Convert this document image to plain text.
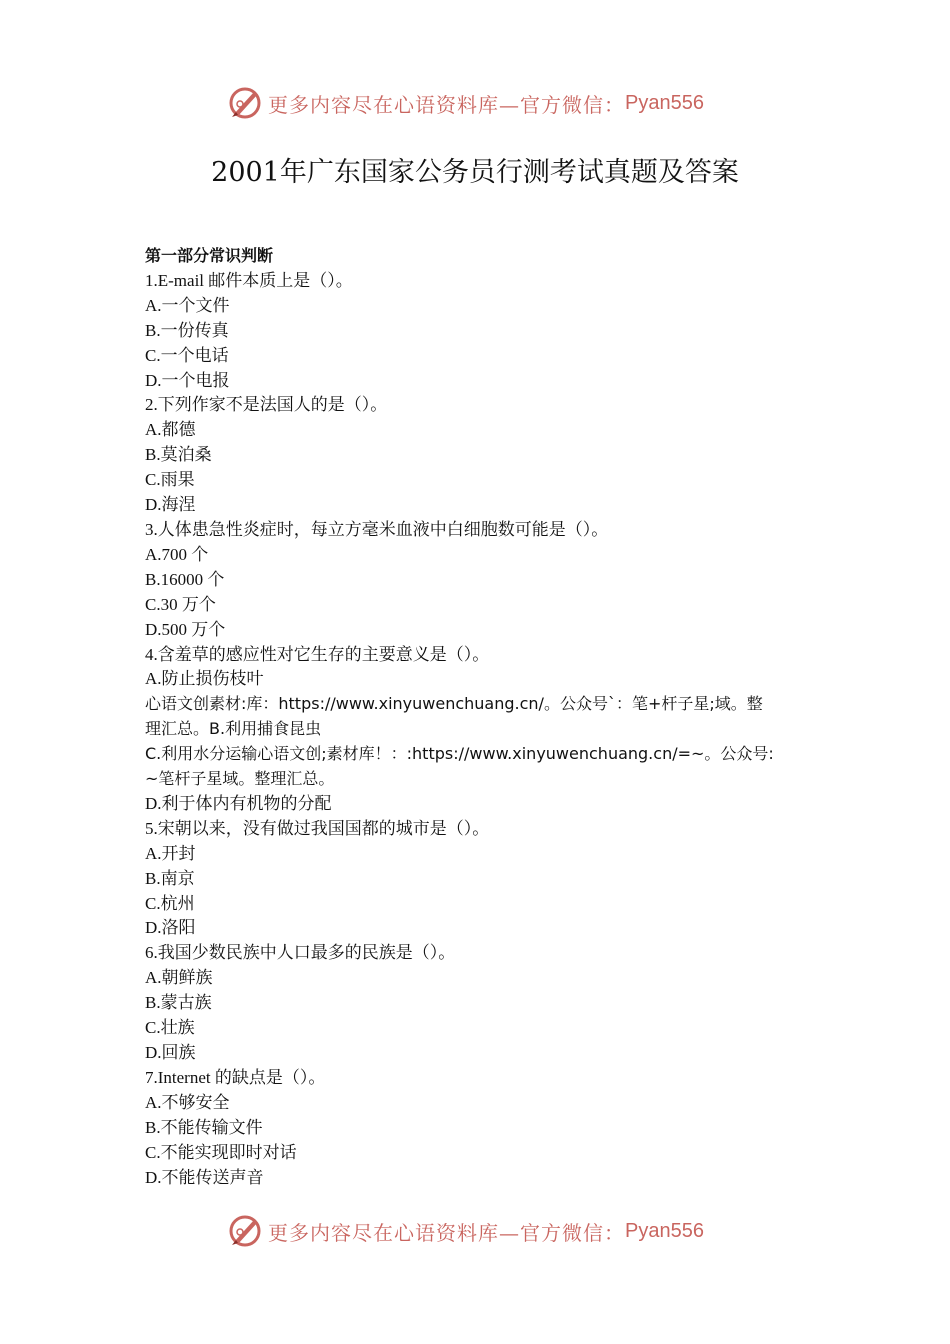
更多内容尽在心语资料库—官方微信： Pyan556
2001年广东国家公务员行测考试真题及答案
第一部分常识判断
1.E-mail 邮件本质上是（）。
A.一个文件
B.一份传真
C.一个电话
D.一个电报
2.下列作家不是法国人的是（）。
A.都德
B.莫泊桑
C.雨果
D.海涅
3.人体患急性炎症时，每立方毫米血液中白细胞数可能是（）。
A.700 个
B.16000 个
C.30 万个
D.500 万个
4.含羞草的感应性对它生存的主要意义是（）。
A.防止损伤枝叶
心语文创素材:库：https://www.xinyuwenchuang.cn/。公众号`：笔+杆子星;域。整
理汇总。B.利用捕食昆虫
C.利用水分运输心语文创;素材库！：:https://www.xinyuwenchuang.cn/=~。公众号:
~笔杆子星域。整理汇总。
D.利于体内有机物的分配
5.宋朝以来，没有做过我国国都的城市是（）。
A.开封
B.南京
C.杭州
D.洛阳
6.我国少数民族中人口最多的民族是（）。
A.朝鲜族
B.蒙古族
C.壮族
D.回族
7.Internet 的缺点是（）。
A.不够安全
B.不能传输文件
C.不能实现即时对话
D.不能传送声音
更多内容尽在心语资料库—官方微信： Pyan556
